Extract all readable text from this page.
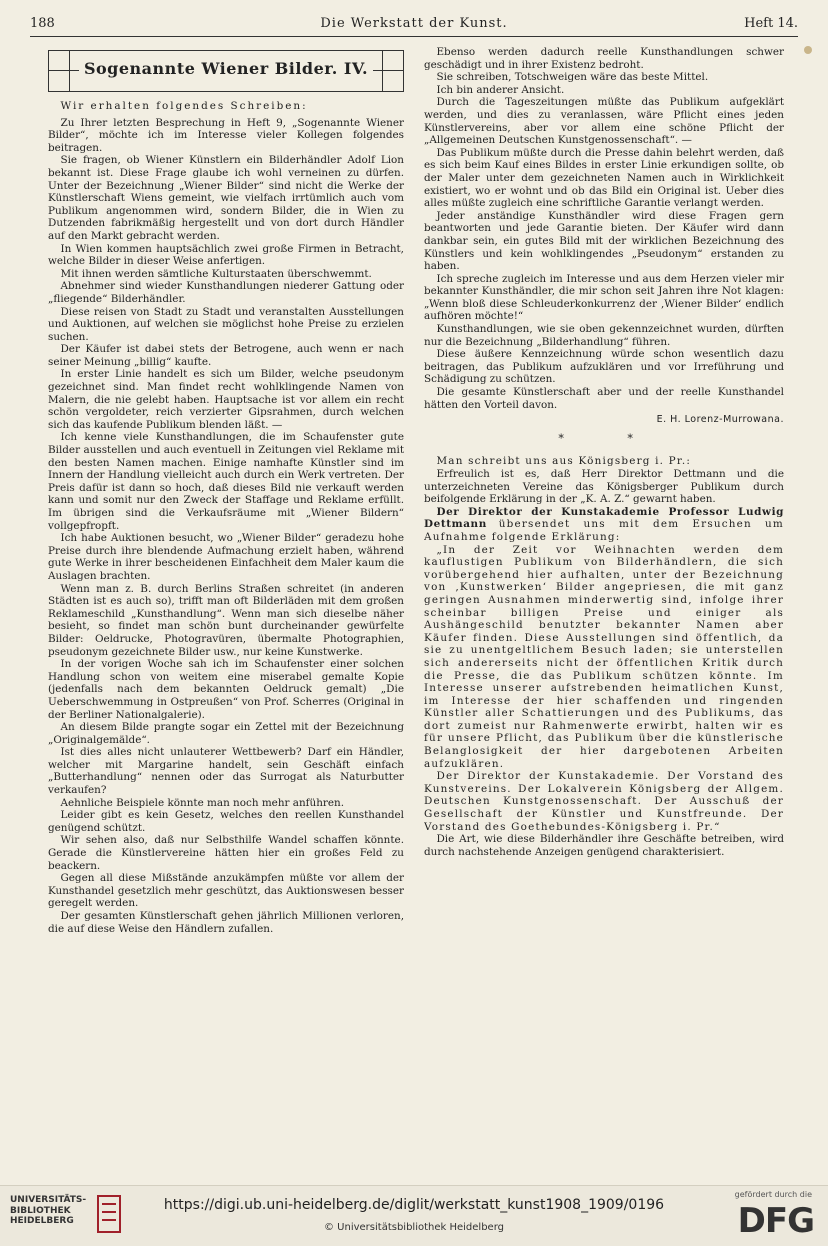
188	Die Werkstatt der Kunst.	Heft 14.
Sogenannte Wiener Bilder. IV.

Wir erhalten folgendes Schreiben:

Zu Ihrer letzten Besprechung in Heft 9, „Sogenannte Wiener Bilder“, möchte ich im Interesse vieler Kollegen folgendes beitragen.

Sie fragen, ob Wiener Künstlern ein Bilderhändler Adolf Lion bekannt ist. Diese Frage glaube ich wohl verneinen zu dürfen. Unter der Bezeichnung „Wiener Bilder“ sind nicht die Werke der Künstlerschaft Wiens gemeint, wie vielfach irrtümlich auch vom Publikum angenommen wird, sondern Bilder, die in Wien zu Dutzenden fabrikmäßig hergestellt und von dort durch Händler auf den Markt gebracht werden.

In Wien kommen hauptsächlich zwei große Firmen in Betracht, welche Bilder in dieser Weise anfertigen.

Mit ihnen werden sämtliche Kulturstaaten überschwemmt.

Abnehmer sind wieder Kunsthandlungen niederer Gattung oder „fliegende“ Bilderhändler.

Diese reisen von Stadt zu Stadt und veranstalten Ausstellungen und Auktionen, auf welchen sie möglichst hohe Preise zu erzielen suchen.

Der Käufer ist dabei stets der Betrogene, auch wenn er nach seiner Meinung „billig“ kaufte.

In erster Linie handelt es sich um Bilder, welche pseudonym gezeichnet sind. Man findet recht wohlklingende Namen von Malern, die nie gelebt haben. Hauptsache ist vor allem ein recht schön vergoldeter, reich verzierter Gipsrahmen, durch welchen sich das kaufende Publikum blenden läßt. —

Ich kenne viele Kunsthandlungen, die im Schaufenster gute Bilder ausstellen und auch eventuell in Zeitungen viel Reklame mit den besten Namen machen. Einige namhafte Künstler sind im Innern der Handlung vielleicht auch durch ein Werk vertreten. Der Preis dafür ist dann so hoch, daß dieses Bild nie verkauft werden kann und somit nur den Zweck der Staffage und Reklame erfüllt. Im übrigen sind die Verkaufsräume mit „Wiener Bildern“ vollgepfropft.

Ich habe Auktionen besucht, wo „Wiener Bilder“ geradezu hohe Preise durch ihre blendende Aufmachung erzielt haben, während gute Werke in ihrer bescheidenen Einfachheit dem Maler kaum die Auslagen brachten.

Wenn man z. B. durch Berlins Straßen schreitet (in anderen Städten ist es auch so), trifft man oft Bilderläden mit dem großen Reklameschild „Kunsthandlung“. Wenn man sich dieselbe näher besieht, so findet man schön bunt durcheinander gewürfelte Bilder: Oeldrucke, Photogravüren, übermalte Photographien, pseudonym gezeichnete Bilder usw., nur keine Kunstwerke.

In der vorigen Woche sah ich im Schaufenster einer solchen Handlung schon von weitem eine miserabel gemalte Kopie (jedenfalls nach dem bekannten Oeldruck gemalt) „Die Ueberschwemmung in Ostpreußen“ von Prof. Scherres (Original in der Berliner Nationalgalerie).

An diesem Bilde prangte sogar ein Zettel mit der Bezeichnung „Originalgemälde“.

Ist dies alles nicht unlauterer Wettbewerb? Darf ein Händler, welcher mit Margarine handelt, sein Geschäft einfach „Butterhandlung“ nennen oder das Surrogat als Naturbutter verkaufen?

Aehnliche Beispiele könnte man noch mehr anführen.

Leider gibt es kein Gesetz, welches den reellen Kunsthandel genügend schützt.

Wir sehen also, daß nur Selbsthilfe Wandel schaffen könnte. Gerade die Künstlervereine hätten hier ein großes Feld zu beackern.

Gegen all diese Mißstände anzukämpfen müßte vor allem der Kunsthandel gesetzlich mehr geschützt, das Auktionswesen besser geregelt werden.

Der gesamten Künstlerschaft gehen jährlich Millionen verloren, die auf diese Weise den Händlern zufallen.

Ebenso werden dadurch reelle Kunsthandlungen schwer geschädigt und in ihrer Existenz bedroht.

Sie schreiben, Totschweigen wäre das beste Mittel.

Ich bin anderer Ansicht.

Durch die Tageszeitungen müßte das Publikum aufgeklärt werden, und dies zu veranlassen, wäre Pflicht eines jeden Künstlervereins, aber vor allem eine schöne Pflicht der „Allgemeinen Deutschen Kunstgenossenschaft“. —

Das Publikum müßte durch die Presse dahin belehrt werden, daß es sich beim Kauf eines Bildes in erster Linie erkundigen sollte, ob der Maler unter dem gezeichneten Namen auch in Wirklichkeit existiert, wo er wohnt und ob das Bild ein Original ist. Ueber dies alles müßte zugleich eine schriftliche Garantie verlangt werden.

Jeder anständige Kunsthändler wird diese Fragen gern beantworten und jede Garantie bieten. Der Käufer wird dann dankbar sein, ein gutes Bild mit der wirklichen Bezeichnung des Künstlers und kein wohlklingendes „Pseudonym“ erstanden zu haben.

Ich spreche zugleich im Interesse und aus dem Herzen vieler mir bekannter Kunsthändler, die mir schon seit Jahren ihre Not klagen: „Wenn bloß diese Schleuderkonkurrenz der ‚Wiener Bilder‘ endlich aufhören möchte!“

Kunsthandlungen, wie sie oben gekennzeichnet wurden, dürften nur die Bezeichnung „Bilderhandlung“ führen.

Diese äußere Kennzeichnung würde schon wesentlich dazu beitragen, das Publikum aufzuklären und vor Irreführung und Schädigung zu schützen.

Die gesamte Künstlerschaft aber und der reelle Kunsthandel hätten den Vorteil davon.

E. H. Lorenz-Murrowana.

* *

Man schreibt uns aus Königsberg i. Pr.:

Erfreulich ist es, daß Herr Direktor Dettmann und die unterzeichneten Vereine das Königsberger Publikum durch beifolgende Erklärung in der „K. A. Z.“ gewarnt haben.

Der Direktor der Kunstakademie Professor Ludwig Dettmann übersendet uns mit dem Ersuchen um Aufnahme folgende Erklärung:

„In der Zeit vor Weihnachten werden dem kauflustigen Publikum von Bilderhändlern, die sich vorübergehend hier aufhalten, unter der Bezeichnung von ‚Kunstwerken‘ Bilder angepriesen, die mit ganz geringen Ausnahmen minderwertig sind, infolge ihrer scheinbar billigen Preise und einiger als Aushängeschild benutzter bekannter Namen aber Käufer finden. Diese Ausstellungen sind öffentlich, da sie zu unentgeltlichem Besuch laden; sie unterstellen sich andererseits nicht der öffentlichen Kritik durch die Presse, die das Publikum schützen könnte. Im Interesse unserer aufstrebenden heimatlichen Kunst, im Interesse der hier schaffenden und ringenden Künstler aller Schattierungen und des Publikums, das dort zumeist nur Rahmenwerte erwirbt, halten wir es für unsere Pflicht, das Publikum über die künstlerische Belanglosigkeit der hier dargebotenen Arbeiten aufzuklären.

Der Direktor der Kunstakademie. Der Vorstand des Kunstvereins. Der Lokalverein Königsberg der Allgem. Deutschen Kunstgenossenschaft. Der Ausschuß der Gesellschaft der Künstler und Kunstfreunde. Der Vorstand des Goethebundes-Königsberg i. Pr.“

Die Art, wie diese Bilderhändler ihre Geschäfte betreiben, wird durch nachstehende Anzeigen genügend charakterisiert.

UNIVERSITÄTS-BIBLIOTHEK HEIDELBERG
https://digi.ub.uni-heidelberg.de/diglit/werkstatt_kunst1908_1909/0196
© Universitätsbibliothek Heidelberg
gefördert durch die
DFG
